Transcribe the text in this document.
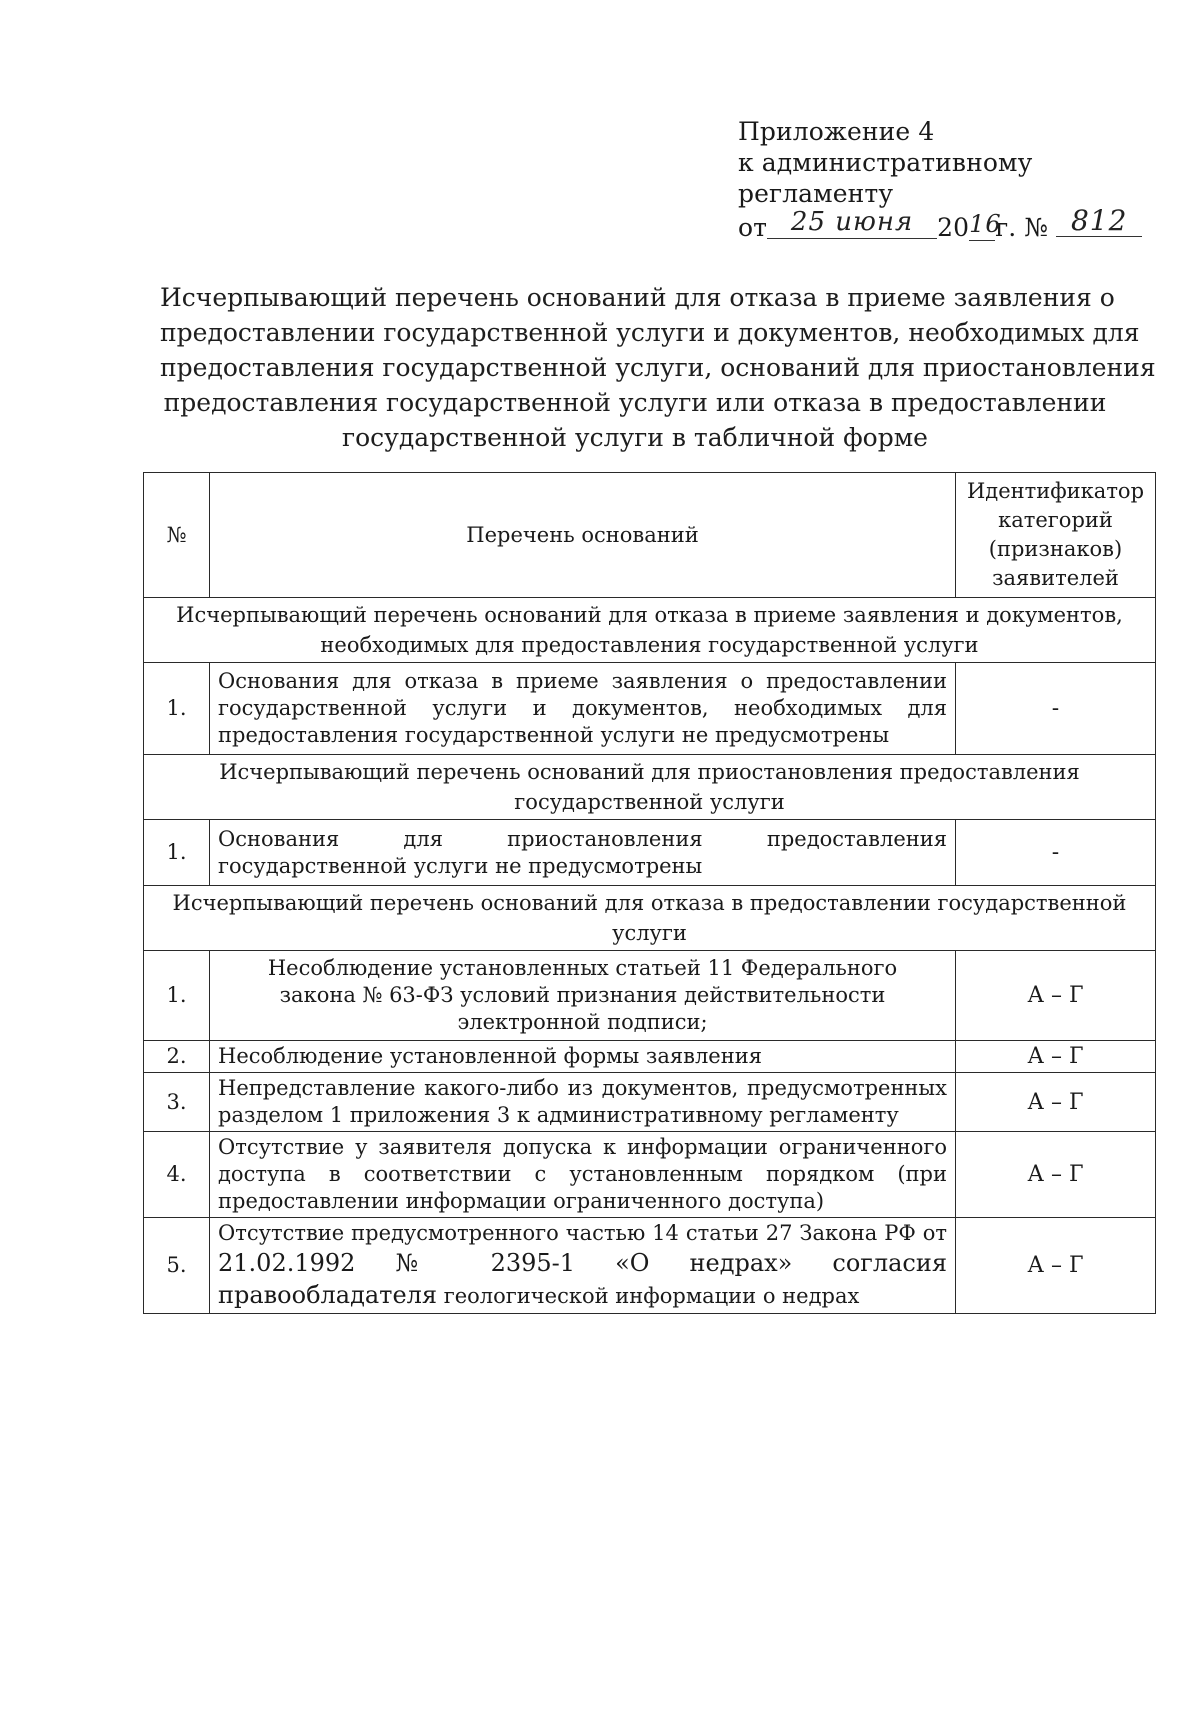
Приложение 4
к административному
регламенту
от 25 июня 2016г. № 812
Исчерпывающий перечень оснований для отказа в приеме заявления о
предоставлении государственной услуги и документов, необходимых для
предоставления государственной услуги, оснований для приостановления
предоставления государственной услуги или отказа в предоставлении
государственной услуги в табличной форме
№	Перечень оснований	Идентификатор категорий (признаков) заявителей
Исчерпывающий перечень оснований для отказа в приеме заявления и документов, необходимых для предоставления государственной услуги		
1.	Основания для отказа в приеме заявления о предоставлении государственной услуги и документов, необходимых для предоставления государственной услуги не предусмотрены	-
Исчерпывающий перечень оснований для приостановления предоставления государственной услуги		
1.	Основания для приостановления предоставления государственной услуги не предусмотрены	-
Исчерпывающий перечень оснований для отказа в предоставлении государственной услуги		
1.	Несоблюдение установленных статьей 11 Федерального закона № 63-ФЗ условий признания действительности электронной подписи;	А – Г
2.	Несоблюдение установленной формы заявления	А – Г
3.	Непредставление какого-либо из документов, предусмотренных разделом 1 приложения 3 к административному регламенту	А – Г
4.	Отсутствие у заявителя допуска к информации ограниченного доступа в соответствии с установленным порядком (при предоставлении информации ограниченного доступа)	А – Г
5.	Отсутствие предусмотренного частью 14 статьи 27 Закона РФ от 21.02.1992 № 2395-1 «О недрах» согласия правообладателя геологической информации о недрах	А – Г
